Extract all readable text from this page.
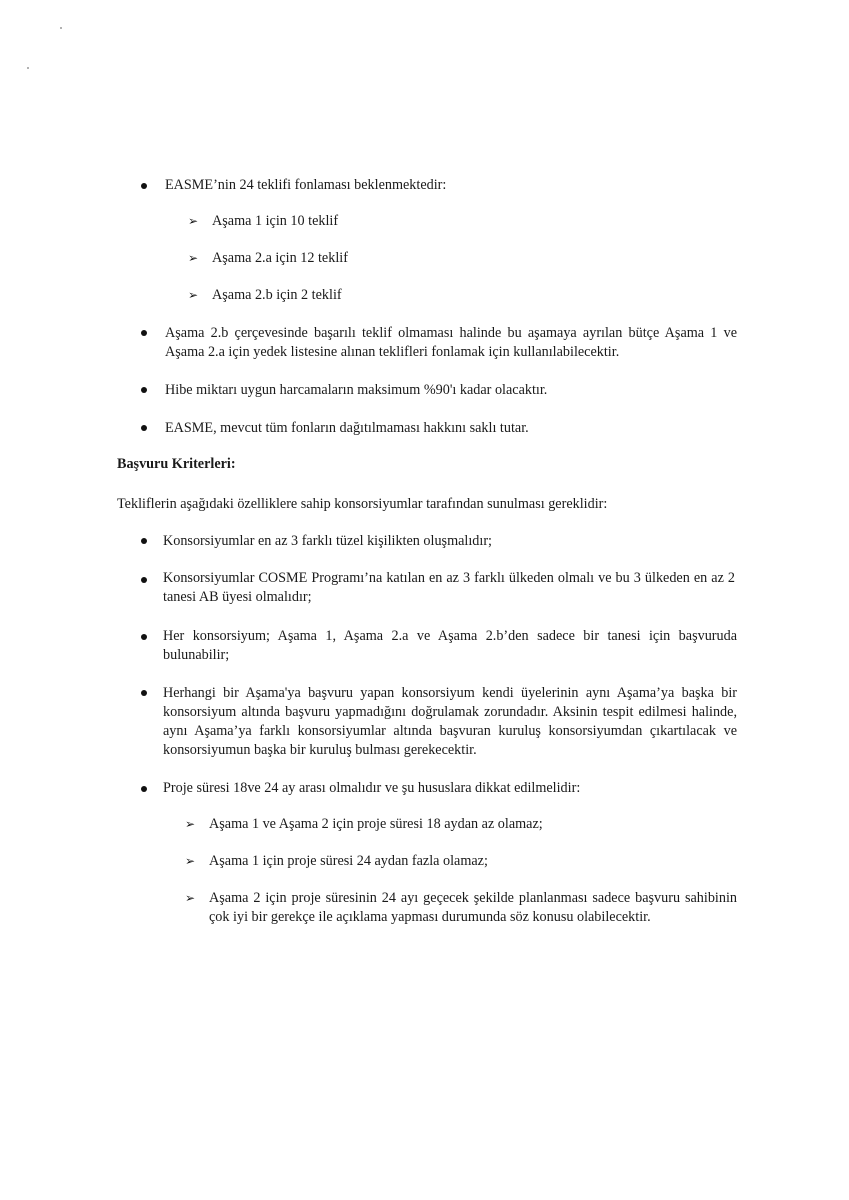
EASME’nin 24 teklifi fonlaması beklenmektedir:
➢ Aşama 1 için 10 teklif
➢ Aşama 2.a için 12 teklif
➢ Aşama 2.b için 2 teklif
Aşama 2.b çerçevesinde başarılı teklif olmaması halinde bu aşamaya ayrılan bütçe Aşama 1 ve Aşama 2.a için yedek listesine alınan teklifleri fonlamak için kullanılabilecektir.
Hibe miktarı uygun harcamaların maksimum %90'ı kadar olacaktır.
EASME, mevcut tüm fonların dağıtılmaması hakkını saklı tutar.
Başvuru Kriterleri:
Tekliflerin aşağıdaki özelliklere sahip konsorsiyumlar tarafından sunulması gereklidir:
Konsorsiyumlar en az 3 farklı tüzel kişilikten oluşmalıdır;
Konsorsiyumlar COSME Programı’na katılan en az 3 farklı ülkeden olmalı ve bu 3 ülkeden en az 2 tanesi AB üyesi olmalıdır;
Her konsorsiyum; Aşama 1, Aşama 2.a ve Aşama 2.b’den sadece bir tanesi için başvuruda bulunabilir;
Herhangi bir Aşama'ya başvuru yapan konsorsiyum kendi üyelerinin aynı Aşama’ya başka bir konsorsiyum altında başvuru yapmadığını doğrulamak zorundadır. Aksinin tespit edilmesi halinde, aynı Aşama’ya farklı konsorsiyumlar altında başvuran kuruluş konsorsiyumdan çıkartılacak ve konsorsiyumun başka bir kuruluş bulması gerekecektir.
Proje süresi 18ve 24 ay arası olmalıdır ve şu hususlara dikkat edilmelidir:
➢ Aşama 1 ve Aşama 2 için proje süresi 18 aydan az olamaz;
➢ Aşama 1 için proje süresi 24 aydan fazla olamaz;
➢ Aşama 2 için proje süresinin 24 ayı geçecek şekilde planlanması sadece başvuru sahibinin çok iyi bir gerekçe ile açıklama yapması durumunda söz konusu olabilecektir.
